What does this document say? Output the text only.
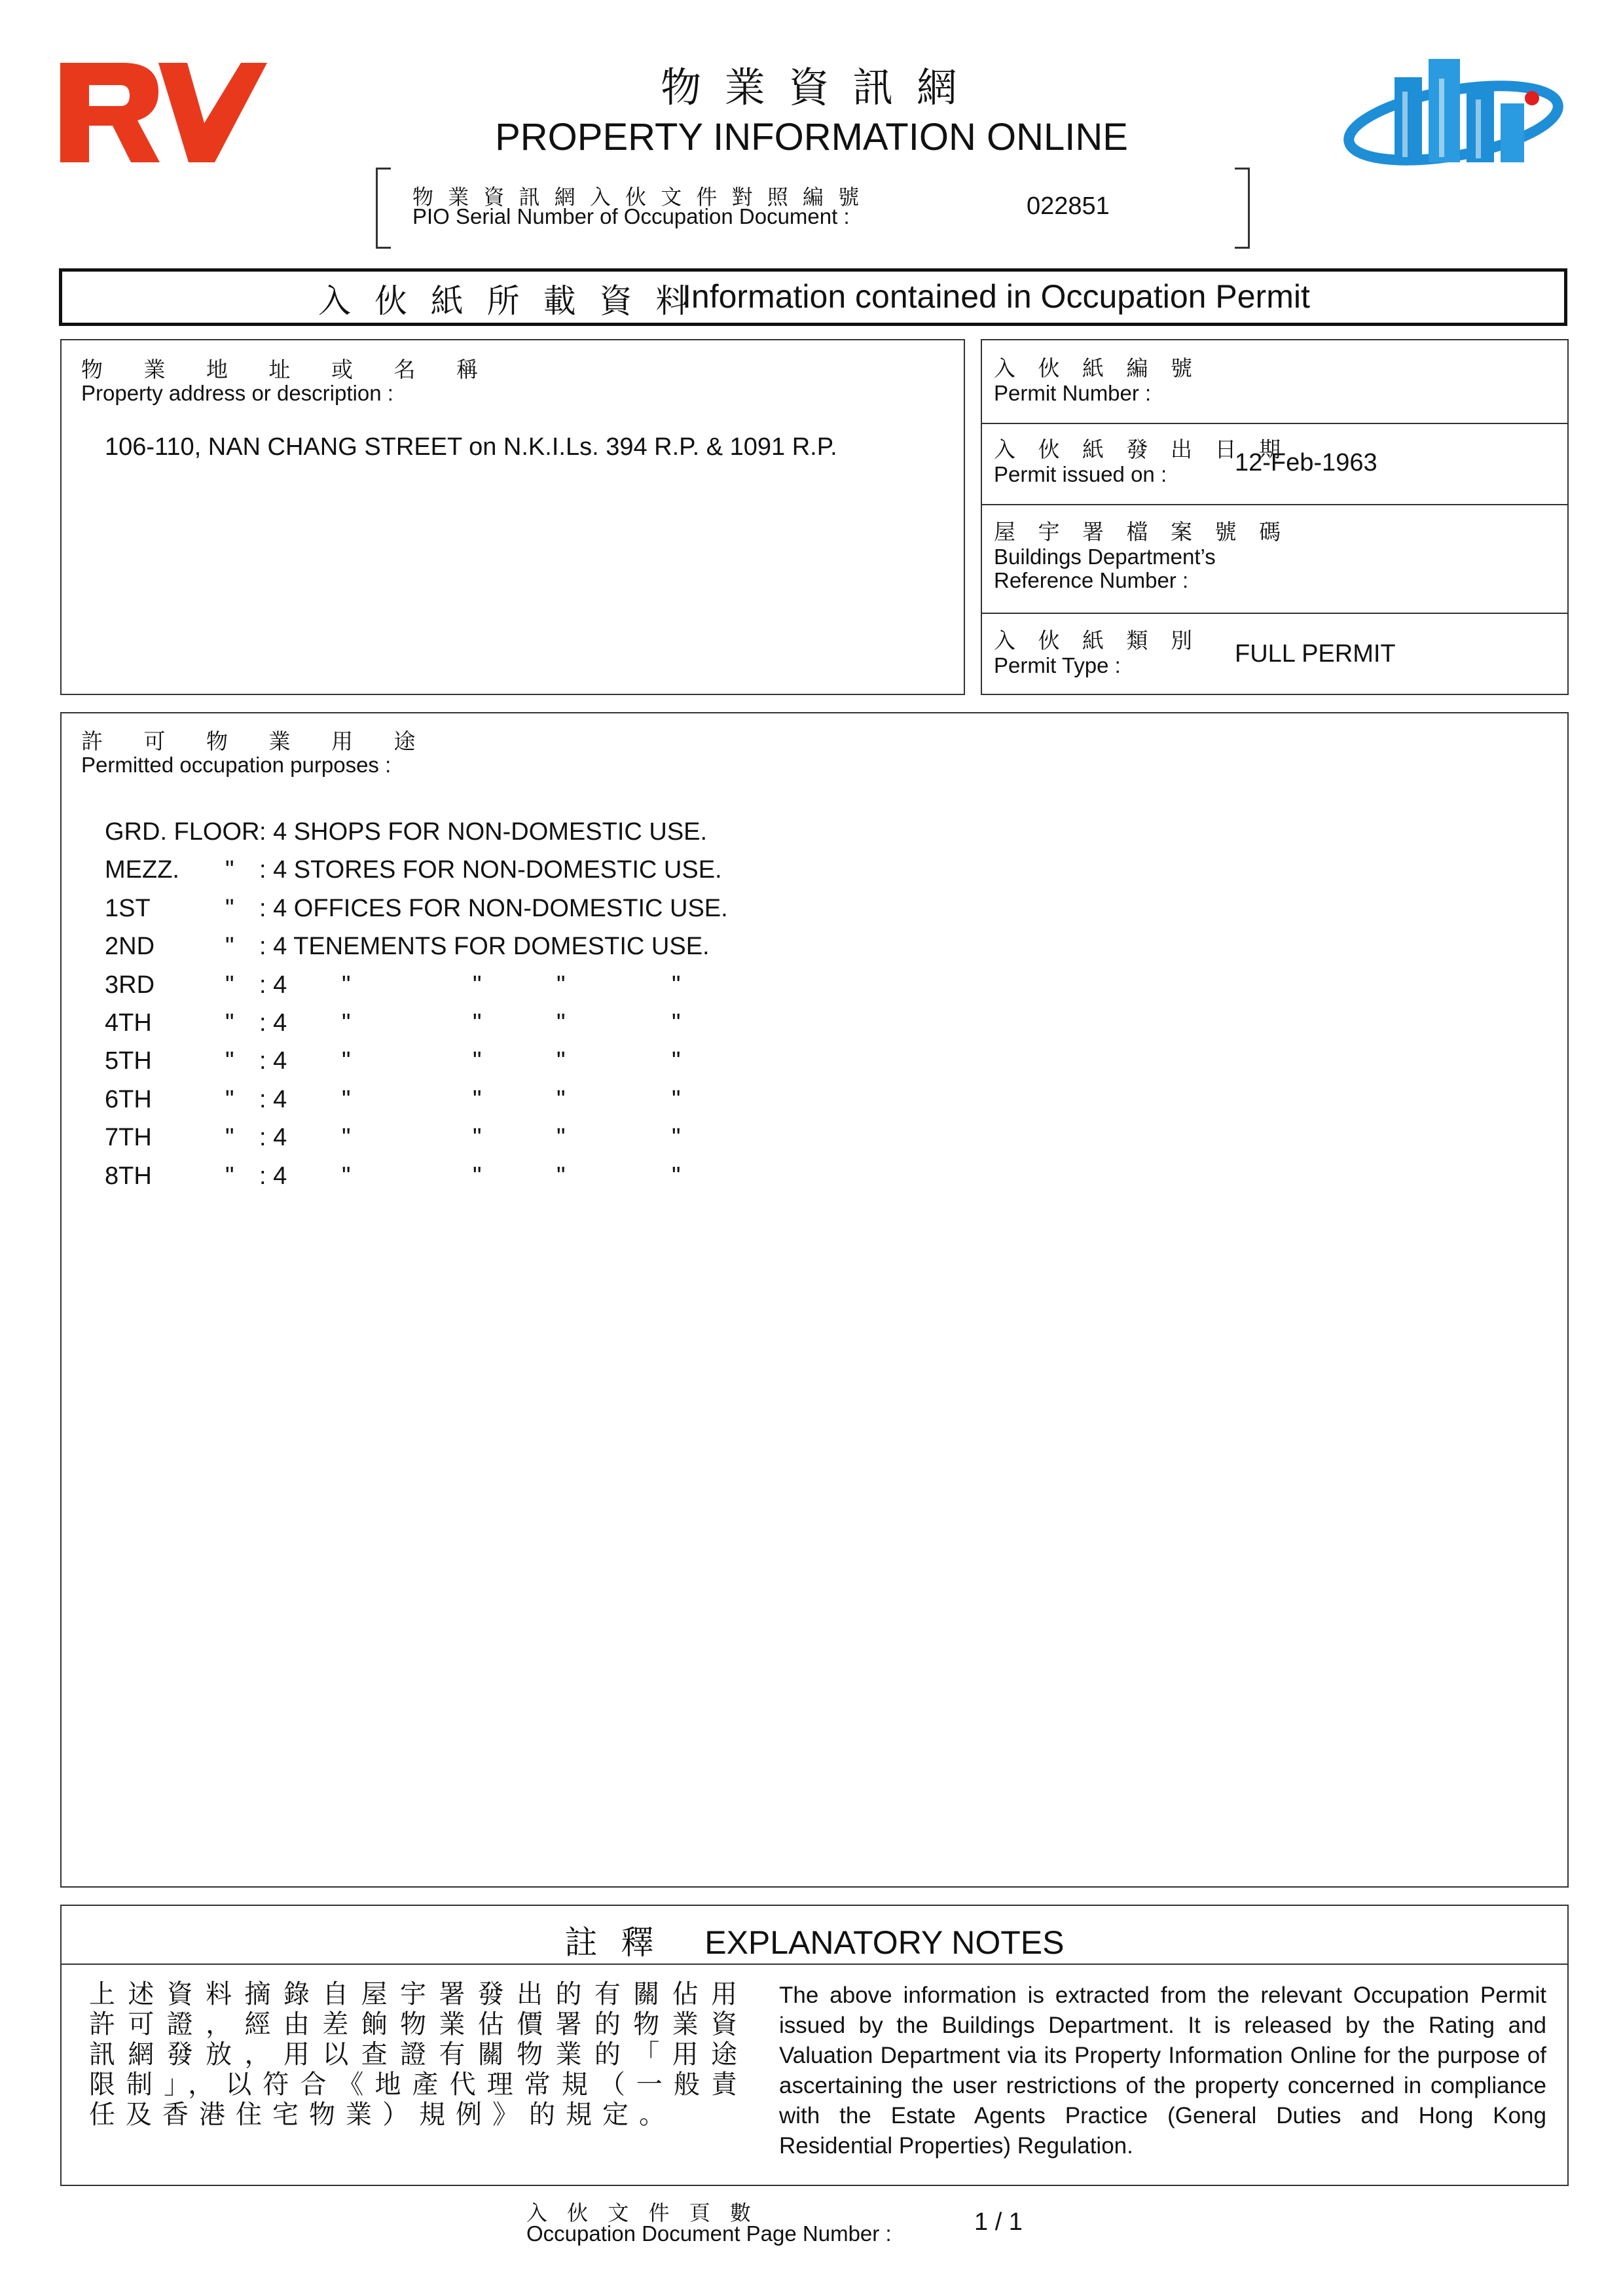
物 業 資 訊 網
PROPERTY INFORMATION ONLINE
物 業 資 訊 網 入 伙 文 件 對 照 編 號
PIO Serial Number of Occupation Document :	022851
入 伙 紙 所 載 資 料
Information contained in Occupation Permit
物 業 地 址 或 名 稱
Property address or description :
106-110, NAN CHANG STREET on N.K.I.Ls. 394 R.P. & 1091 R.P.
入 伙 紙 編 號
Permit Number :
入 伙 紙 發 出 日 期
Permit issued on :	12-Feb-1963
屋 宇 署 檔 案 號 碼
Buildings Department’s
Reference Number :
入 伙 紙 類 別
Permit Type :	FULL PERMIT
許 可 物 業 用 途
Permitted occupation purposes :
GRD. FLOOR : 4 SHOPS FOR NON-DOMESTIC USE.
MEZZ. " : 4 STORES FOR NON-DOMESTIC USE.
1ST	" : 4 OFFICES FOR NON-DOMESTIC USE.
2ND	" : 4 TENEMENTS FOR DOMESTIC USE.
3RD	" : 4 "	"	"	"
4TH	" : 4 "	"	"	"
5TH	" : 4 "	"	"	"
6TH	" : 4 "	"	"	"
7TH	" : 4 "	"	"	"
8TH	" : 4 "	"	"	"
註 釋 EXPLANATORY NOTES
上述資料摘錄自屋宇署發出的有關佔用許可證，經由差餉物業估價署的物業資訊網發放，用以查證有關物業的「用途限制」，以符合《地產代理常規（一般責任及香港住宅物業）規例》的規定。
The above information is extracted from the relevant Occupation Permit issued by the Buildings Department. It is released by the Rating and Valuation Department via its Property Information Online for the purpose of ascertaining the user restrictions of the property concerned in compliance with the Estate Agents Practice (General Duties and Hong Kong Residential Properties) Regulation.
入 伙 文 件 頁 數
Occupation Document Page Number :	1 / 1
